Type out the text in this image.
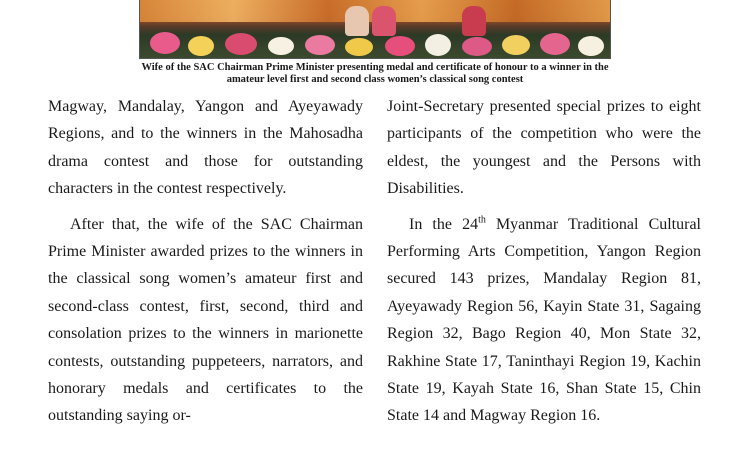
Wife of the SAC Chairman Prime Minister presenting medal and certificate of honour to a winner in the
amateur level first and second class women’s classical song contest

Magway, Mandalay, Yangon and Ayeyawady Regions, and to the winners in the Mahosadha drama contest and those for outstanding characters in the contest respectively.

After that, the wife of the SAC Chairman Prime Minister awarded prizes to the winners in the classical song women’s amateur first and second-class contest, first, second, third and consolation prizes to the winners in marionette contests, outstanding puppeteers, narrators, and honorary medals and certificates to the outstanding saying or-

Joint-Secretary presented special prizes to eight participants of the competition who were the eldest, the youngest and the Persons with Disabilities.

In the 24th Myanmar Traditional Cultural Performing Arts Competition, Yangon Region secured 143 prizes, Mandalay Region 81, Ayeyawady Region 56, Kayin State 31, Sagaing Region 32, Bago Region 40, Mon State 32, Rakhine State 17, Taninthayi Region 19, Kachin State 19, Kayah State 16, Shan State 15, Chin State 14 and Magway Region 16.
